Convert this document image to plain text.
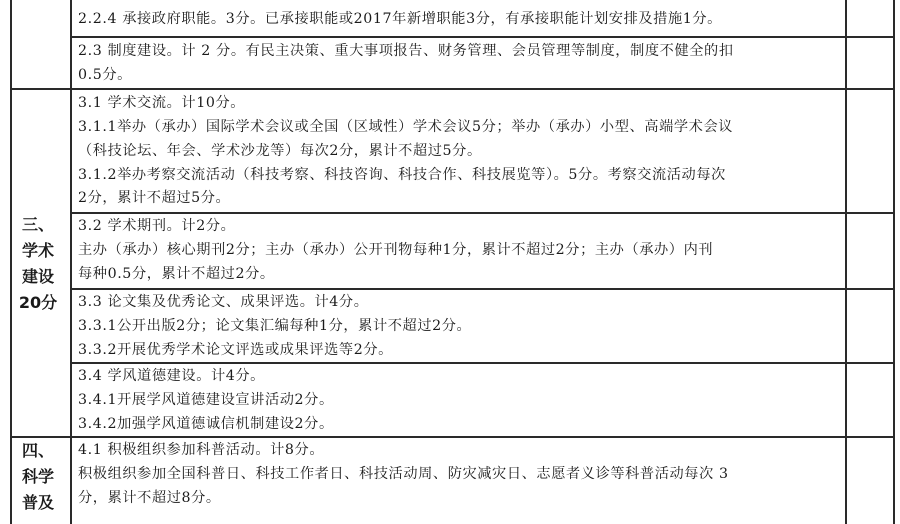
三、
学术
建设
20分
四、
科学
普及
2.2.4 承接政府职能。3分。已承接职能或2017年新增职能3分，有承接职能计划安排及措施1分。
2.3 制度建设。计 2 分。有民主决策、重大事项报告、财务管理、会员管理等制度，制度不健全的扣
0.5分。
3.1 学术交流。计10分。
3.1.1举办（承办）国际学术会议或全国（区域性）学术会议5分；举办（承办）小型、高端学术会议
（科技论坛、年会、学术沙龙等）每次2分，累计不超过5分。
3.1.2举办考察交流活动（科技考察、科技咨询、科技合作、科技展览等）。5分。考察交流活动每次
2分，累计不超过5分。
3.2 学术期刊。计2分。
主办（承办）核心期刊2分；主办（承办）公开刊物每种1分，累计不超过2分；主办（承办）内刊
每种0.5分，累计不超过2分。
3.3 论文集及优秀论文、成果评选。计4分。
3.3.1公开出版2分；论文集汇编每种1分，累计不超过2分。
3.3.2开展优秀学术论文评选或成果评选等2分。
3.4 学风道德建设。计4分。
3.4.1开展学风道德建设宣讲活动2分。
3.4.2加强学风道德诚信机制建设2分。
4.1 积极组织参加科普活动。计8分。
积极组织参加全国科普日、科技工作者日、科技活动周、防灾减灾日、志愿者义诊等科普活动每次 3
分，累计不超过8分。
